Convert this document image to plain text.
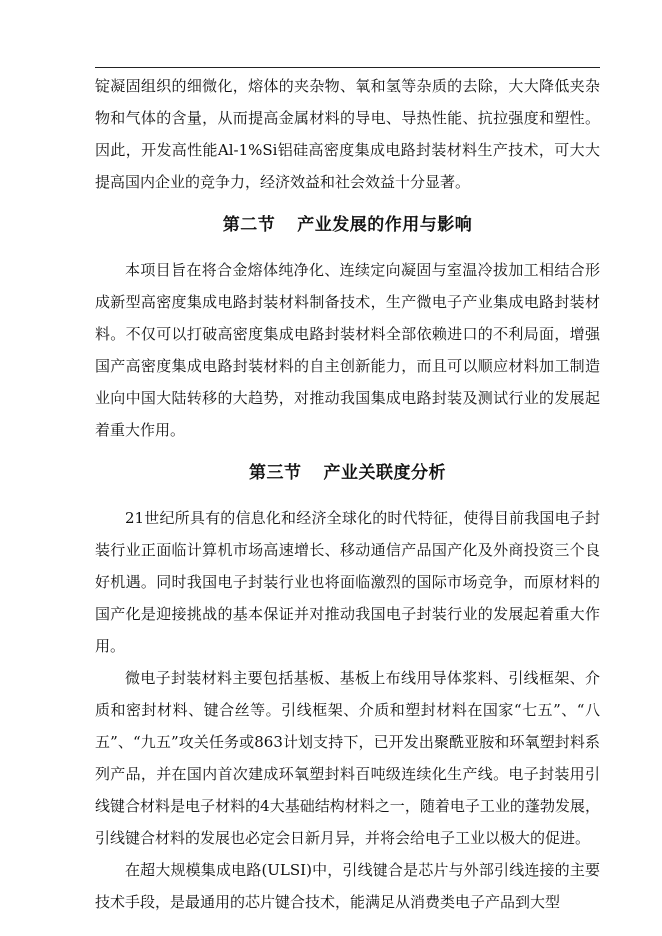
锭凝固组织的细微化，熔体的夹杂物、氧和氢等杂质的去除，大大降低夹杂物和气体的含量，从而提高金属材料的导电、导热性能、抗拉强度和塑性。因此，开发高性能Al-1%Si铝硅高密度集成电路封装材料生产技术，可大大提高国内企业的竞争力，经济效益和社会效益十分显著。

第二节 产业发展的作用与影响

本项目旨在将合金熔体纯净化、连续定向凝固与室温冷拔加工相结合形成新型高密度集成电路封装材料制备技术，生产微电子产业集成电路封装材料。不仅可以打破高密度集成电路封装材料全部依赖进口的不利局面，增强国产高密度集成电路封装材料的自主创新能力，而且可以顺应材料加工制造业向中国大陆转移的大趋势，对推动我国集成电路封装及测试行业的发展起着重大作用。

第三节 产业关联度分析

21世纪所具有的信息化和经济全球化的时代特征，使得目前我国电子封装行业正面临计算机市场高速增长、移动通信产品国产化及外商投资三个良好机遇。同时我国电子封装行业也将面临激烈的国际市场竞争，而原材料的国产化是迎接挑战的基本保证并对推动我国电子封装行业的发展起着重大作用。

微电子封装材料主要包括基板、基板上布线用导体浆料、引线框架、介质和密封材料、键合丝等。引线框架、介质和塑封材料在国家“七五”、“八五”、“九五”攻关任务或863计划支持下，已开发出聚酰亚胺和环氧塑封料系列产品，并在国内首次建成环氧塑封料百吨级连续化生产线。电子封装用引线键合材料是电子材料的4大基础结构材料之一，随着电子工业的蓬勃发展，引线键合材料的发展也必定会日新月异，并将会给电子工业以极大的促进。

在超大规模集成电路(ULSI)中，引线键合是芯片与外部引线连接的主要技术手段，是最通用的芯片键合技术，能满足从消费类电子产品到大型
